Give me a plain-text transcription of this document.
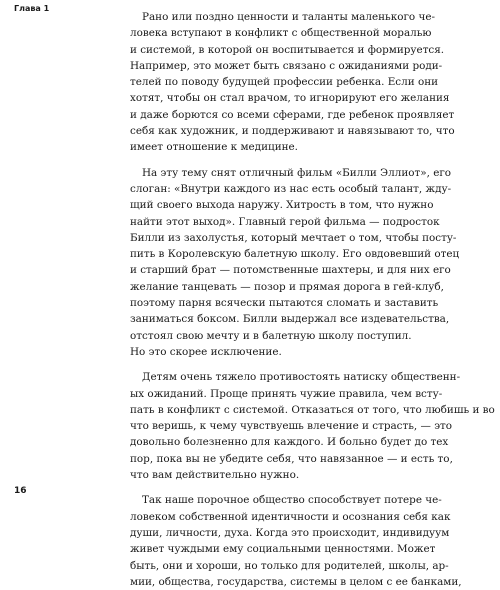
Глава 1

Рано или поздно ценности и таланты маленького че-
ловека вступают в конфликт с общественной моралью
и системой, в которой он воспитывается и формируется.
Например, это может быть связано с ожиданиями роди-
телей по поводу будущей профессии ребенка. Если они
хотят, чтобы он стал врачом, то игнорируют его желания
и даже борются со всеми сферами, где ребенок проявляет
себя как художник, и поддерживают и навязывают то, что
имеет отношение к медицине.

На эту тему снят отличный фильм «Билли Эллиот», его
слоган: «Внутри каждого из нас есть особый талант, жду-
щий своего выхода наружу. Хитрость в том, что нужно
найти этот выход». Главный герой фильма — подросток
Билли из захолустья, который мечтает о том, чтобы посту-
пить в Королевскую балетную школу. Его овдовевший отец
и старший брат — потомственные шахтеры, и для них его
желание танцевать — позор и прямая дорога в гей-клуб,
поэтому парня всячески пытаются сломать и заставить
заниматься боксом. Билли выдержал все издевательства,
отстоял свою мечту и в балетную школу поступил.
Но это скорее исключение.

Детям очень тяжело противостоять натиску общественн-
ых ожиданий. Проще принять чужие правила, чем всту-
пать в конфликт с системой. Отказаться от того, что любишь и во
что веришь, к чему чувствуешь влечение и страсть, — это
довольно болезненно для каждого. И больно будет до тех
пор, пока вы не убедите себя, что навязанное — и есть то,
что вам действительно нужно.

Так наше порочное общество способствует потере че-
ловеком собственной идентичности и осознания себя как
души, личности, духа. Когда это происходит, индивидуум
живет чуждыми ему социальными ценностями. Может
быть, они и хороши, но только для родителей, школы, ар-
мии, общества, государства, системы в целом с ее банками,

16
